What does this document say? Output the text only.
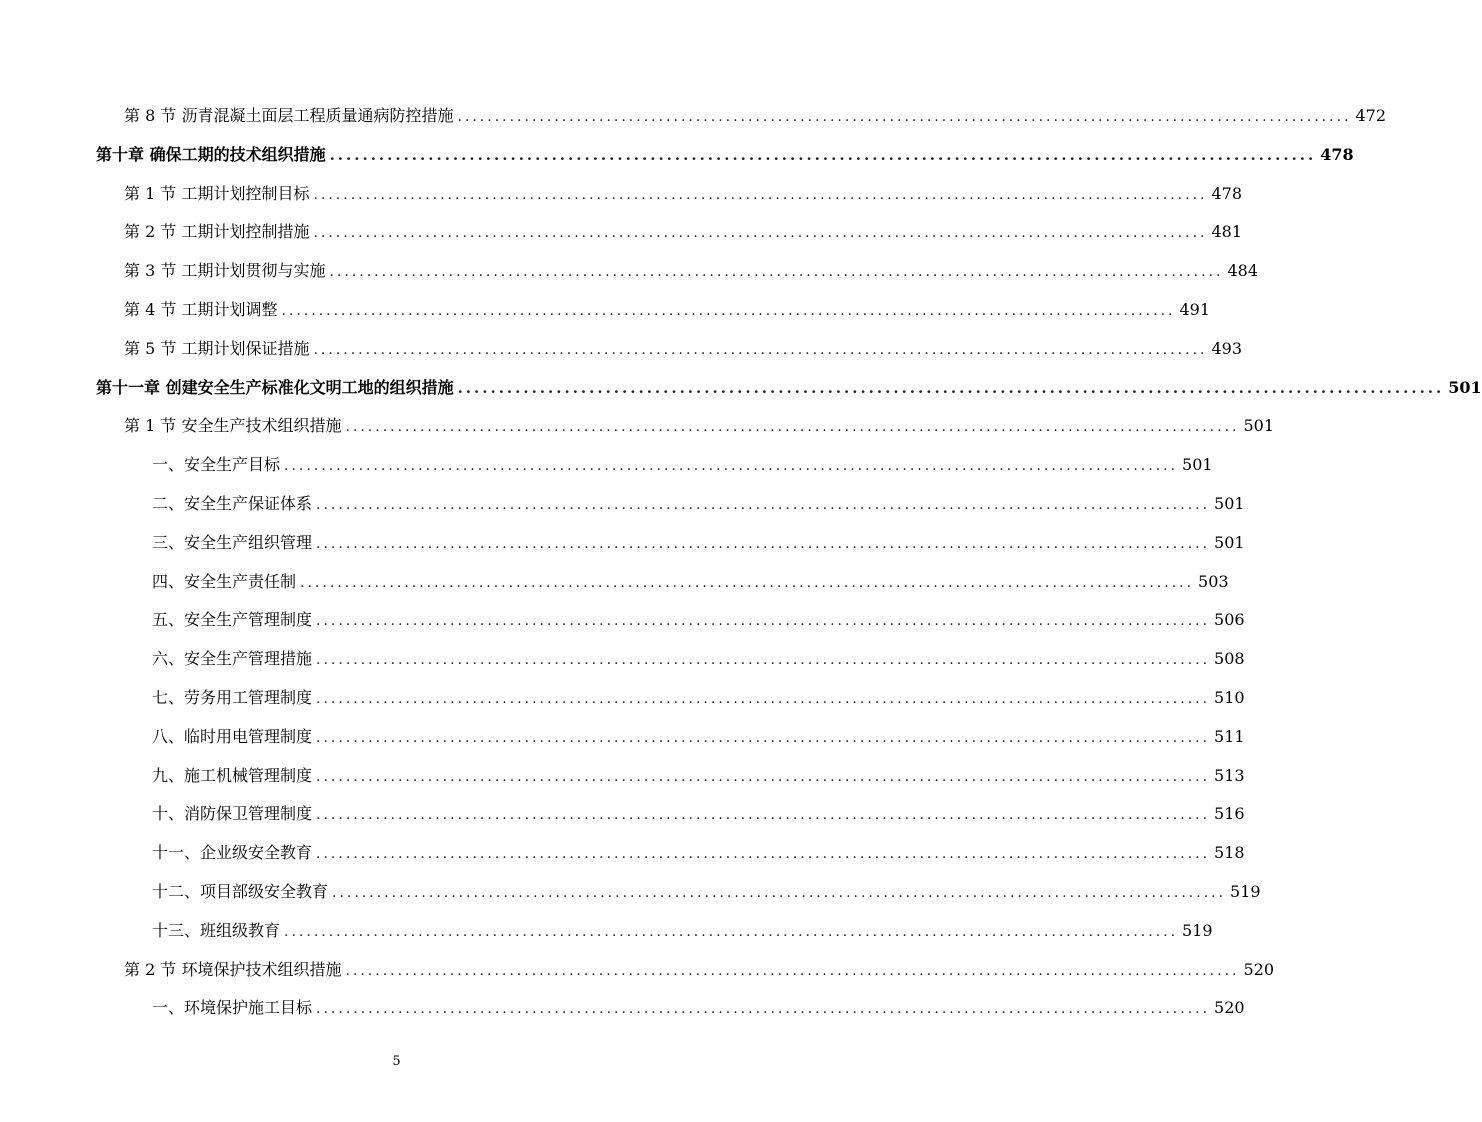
第 8 节 沥青混凝土面层工程质量通病防控措施 ........................................................................................................................ 472
第十章 确保工期的技术组织措施 ........................................................................................................................ 478
第 1 节 工期计划控制目标 ........................................................................................................................ 478
第 2 节 工期计划控制措施 ........................................................................................................................ 481
第 3 节 工期计划贯彻与实施 ........................................................................................................................ 484
第 4 节 工期计划调整 ........................................................................................................................ 491
第 5 节 工期计划保证措施 ........................................................................................................................ 493
第十一章 创建安全生产标准化文明工地的组织措施 ........................................................................................................................ 501
第 1 节 安全生产技术组织措施 ........................................................................................................................ 501
一、安全生产目标 ........................................................................................................................ 501
二、安全生产保证体系 ........................................................................................................................ 501
三、安全生产组织管理 ........................................................................................................................ 501
四、安全生产责任制 ........................................................................................................................ 503
五、安全生产管理制度 ........................................................................................................................ 506
六、安全生产管理措施 ........................................................................................................................ 508
七、劳务用工管理制度 ........................................................................................................................ 510
八、临时用电管理制度 ........................................................................................................................ 511
九、施工机械管理制度 ........................................................................................................................ 513
十、消防保卫管理制度 ........................................................................................................................ 516
十一、企业级安全教育 ........................................................................................................................ 518
十二、项目部级安全教育 ........................................................................................................................ 519
十三、班组级教育 ........................................................................................................................ 519
第 2 节 环境保护技术组织措施 ........................................................................................................................ 520
一、环境保护施工目标 ........................................................................................................................ 520
5
